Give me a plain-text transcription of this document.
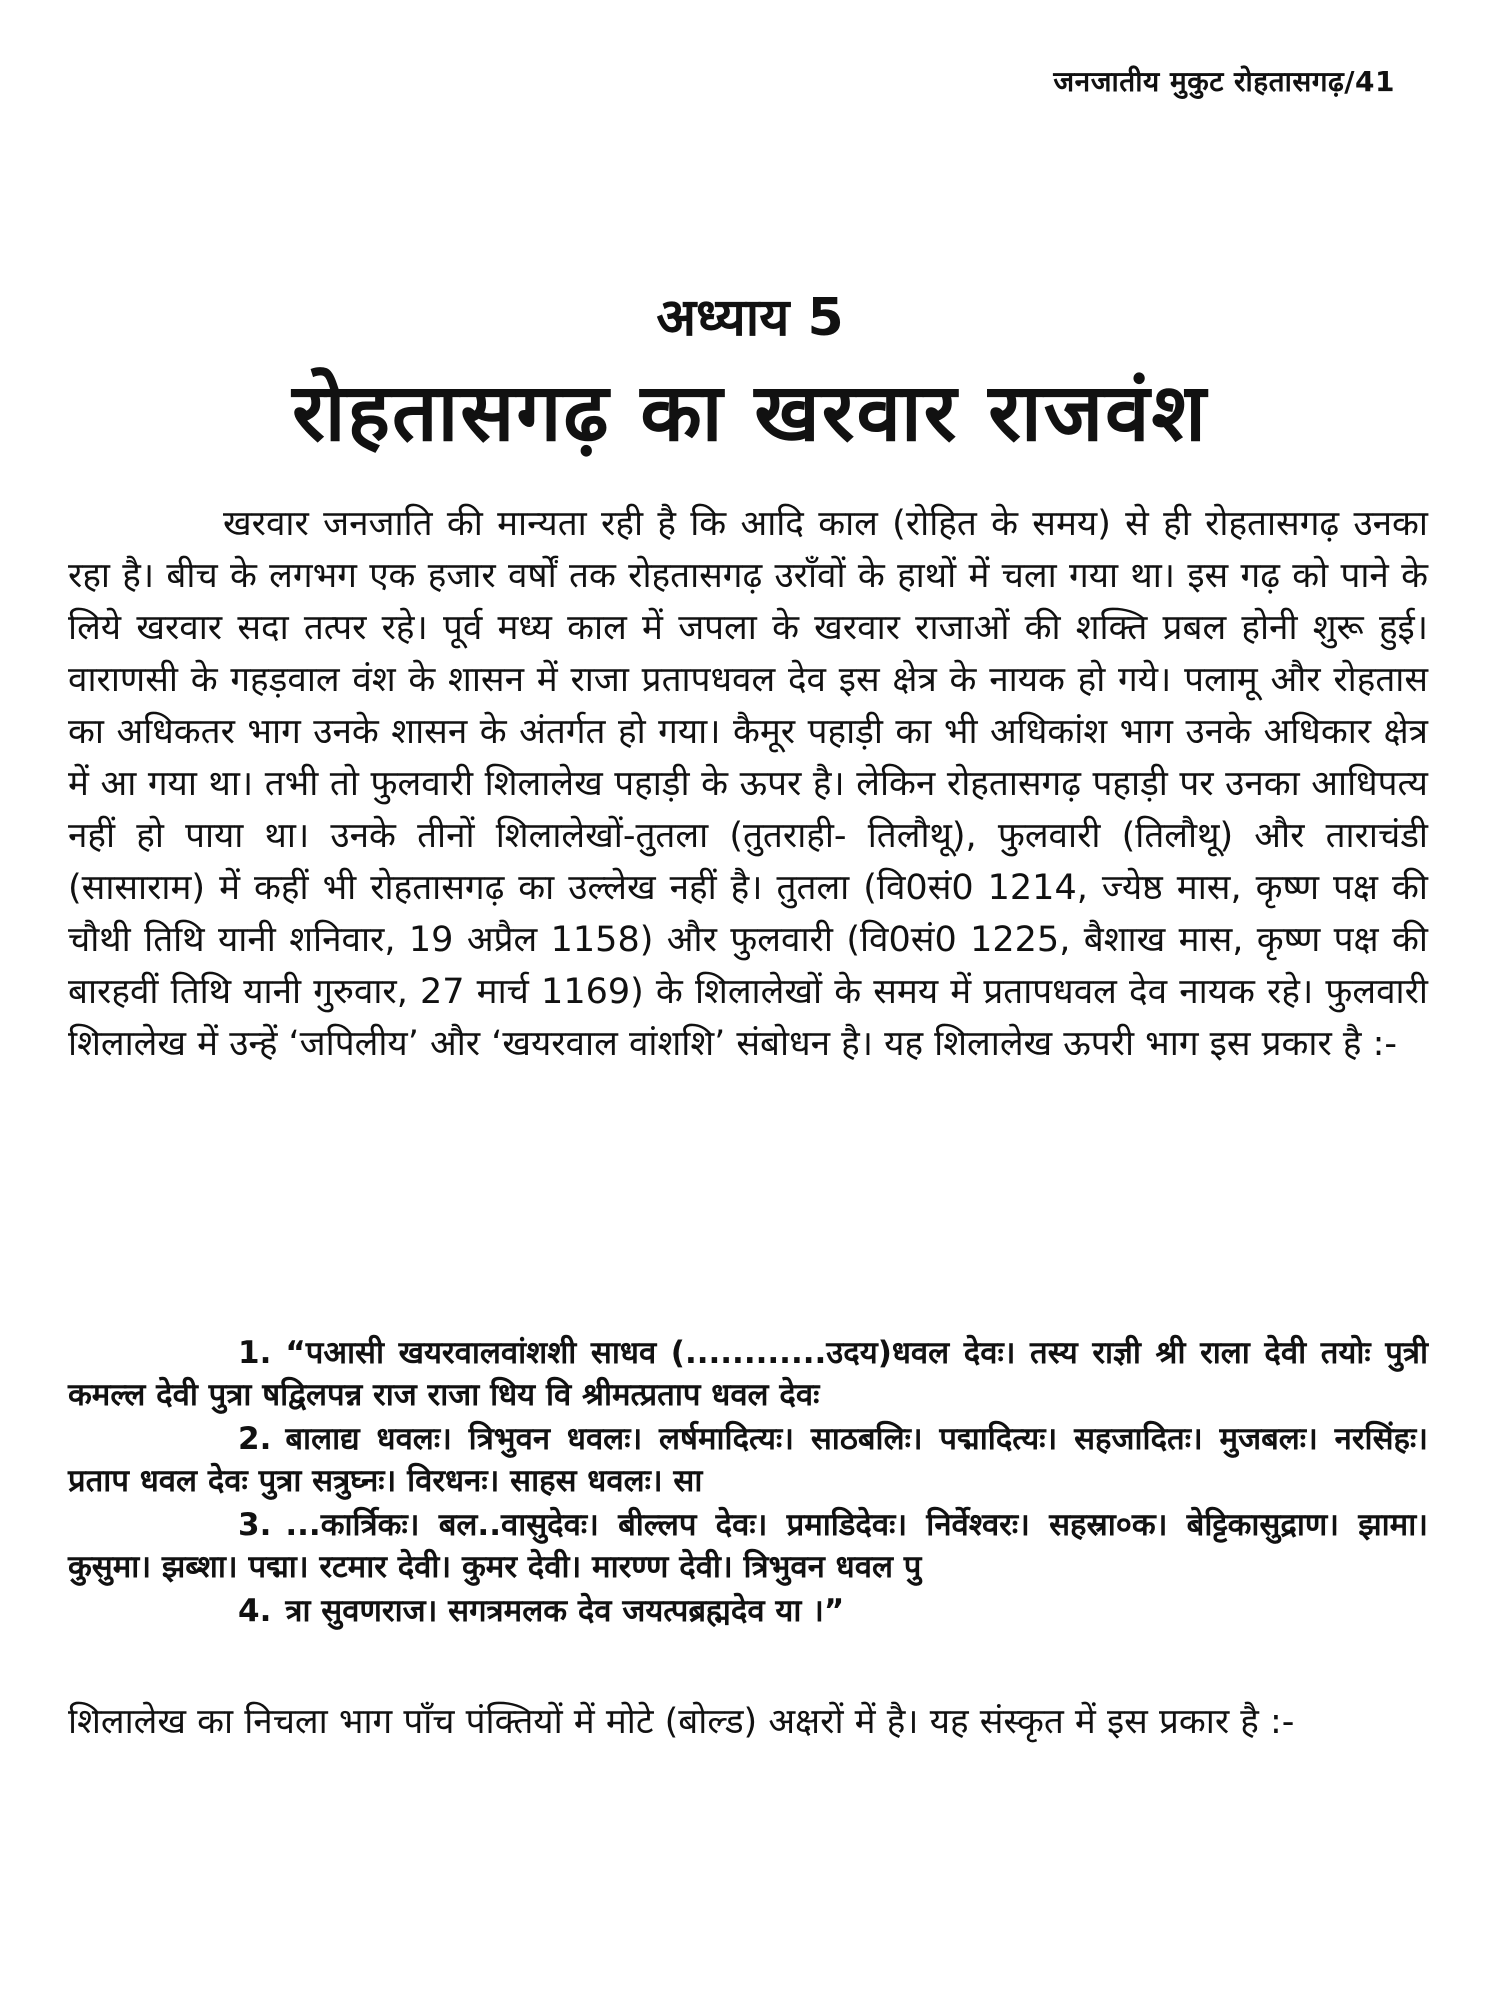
जनजातीय मुकुट रोहतासगढ़/41
अध्याय 5
रोहतासगढ़ का खरवार राजवंश

खरवार जनजाति की मान्यता रही है कि आदि काल (रोहित के समय) से ही रोहतासगढ़ उनका रहा है। बीच के लगभग एक हजार वर्षों तक रोहतासगढ़ उराँवों के हाथों में चला गया था। इस गढ़ को पाने के लिये खरवार सदा तत्पर रहे। पूर्व मध्य काल में जपला के खरवार राजाओं की शक्ति प्रबल होनी शुरू हुई। वाराणसी के गहड़वाल वंश के शासन में राजा प्रतापधवल देव इस क्षेत्र के नायक हो गये। पलामू और रोहतास का अधिकतर भाग उनके शासन के अंतर्गत हो गया। कैमूर पहाड़ी का भी अधिकांश भाग उनके अधिकार क्षेत्र में आ गया था। तभी तो फुलवारी शिलालेख पहाड़ी के ऊपर है। लेकिन रोहतासगढ़ पहाड़ी पर उनका आधिपत्य नहीं हो पाया था। उनके तीनों शिलालेखों-तुतला (तुतराही- तिलौथू), फुलवारी (तिलौथू) और ताराचंडी (सासाराम) में कहीं भी रोहतासगढ़ का उल्लेख नहीं है। तुतला (वि0सं0 1214, ज्येष्ठ मास, कृष्ण पक्ष की चौथी तिथि यानी शनिवार, 19 अप्रैल 1158) और फुलवारी (वि0सं0 1225, बैशाख मास, कृष्ण पक्ष की बारहवीं तिथि यानी गुरुवार, 27 मार्च 1169) के शिलालेखों के समय में प्रतापधवल देव नायक रहे। फुलवारी शिलालेख में उन्हें ‘जपिलीय’ और ‘खयरवाल वांशशि’ संबोधन है। यह शिलालेख ऊपरी भाग इस प्रकार है :-

1. “पआसी खयरवालवांशशी साधव (............उदय)धवल देवः। तस्य राज्ञी श्री राला देवी तयोः पुत्री कमल्ल देवी पुत्रा षद्विलपन्न राज राजा धिय वि श्रीमत्प्रताप धवल देवः

2. बालाद्य धवलः। त्रिभुवन धवलः। लर्षमादित्यः। साठबलिः। पद्मादित्यः। सहजादितः। मुजबलः। नरसिंहः। प्रताप धवल देवः पुत्रा सत्रुघ्नः। विरधनः। साहस धवलः। सा

3. ...कार्त्रिकः। बल..वासुदेवः। बील्लप देवः। प्रमाडिदेवः। निर्वेश्वरः। सहस्रा०क। बेट्टिकासुद्राण। झामा। कुसुमा। झब्शा। पद्मा। रटमार देवी। कुमर देवी। मारण्ण देवी। त्रिभुवन धवल पु

4. त्रा सुवणराज। सगत्रमलक देव जयत्पब्रह्मदेव या ।”

शिलालेख का निचला भाग पाँच पंक्तियों में मोटे (बोल्ड) अक्षरों में है। यह संस्कृत में इस प्रकार है :-
